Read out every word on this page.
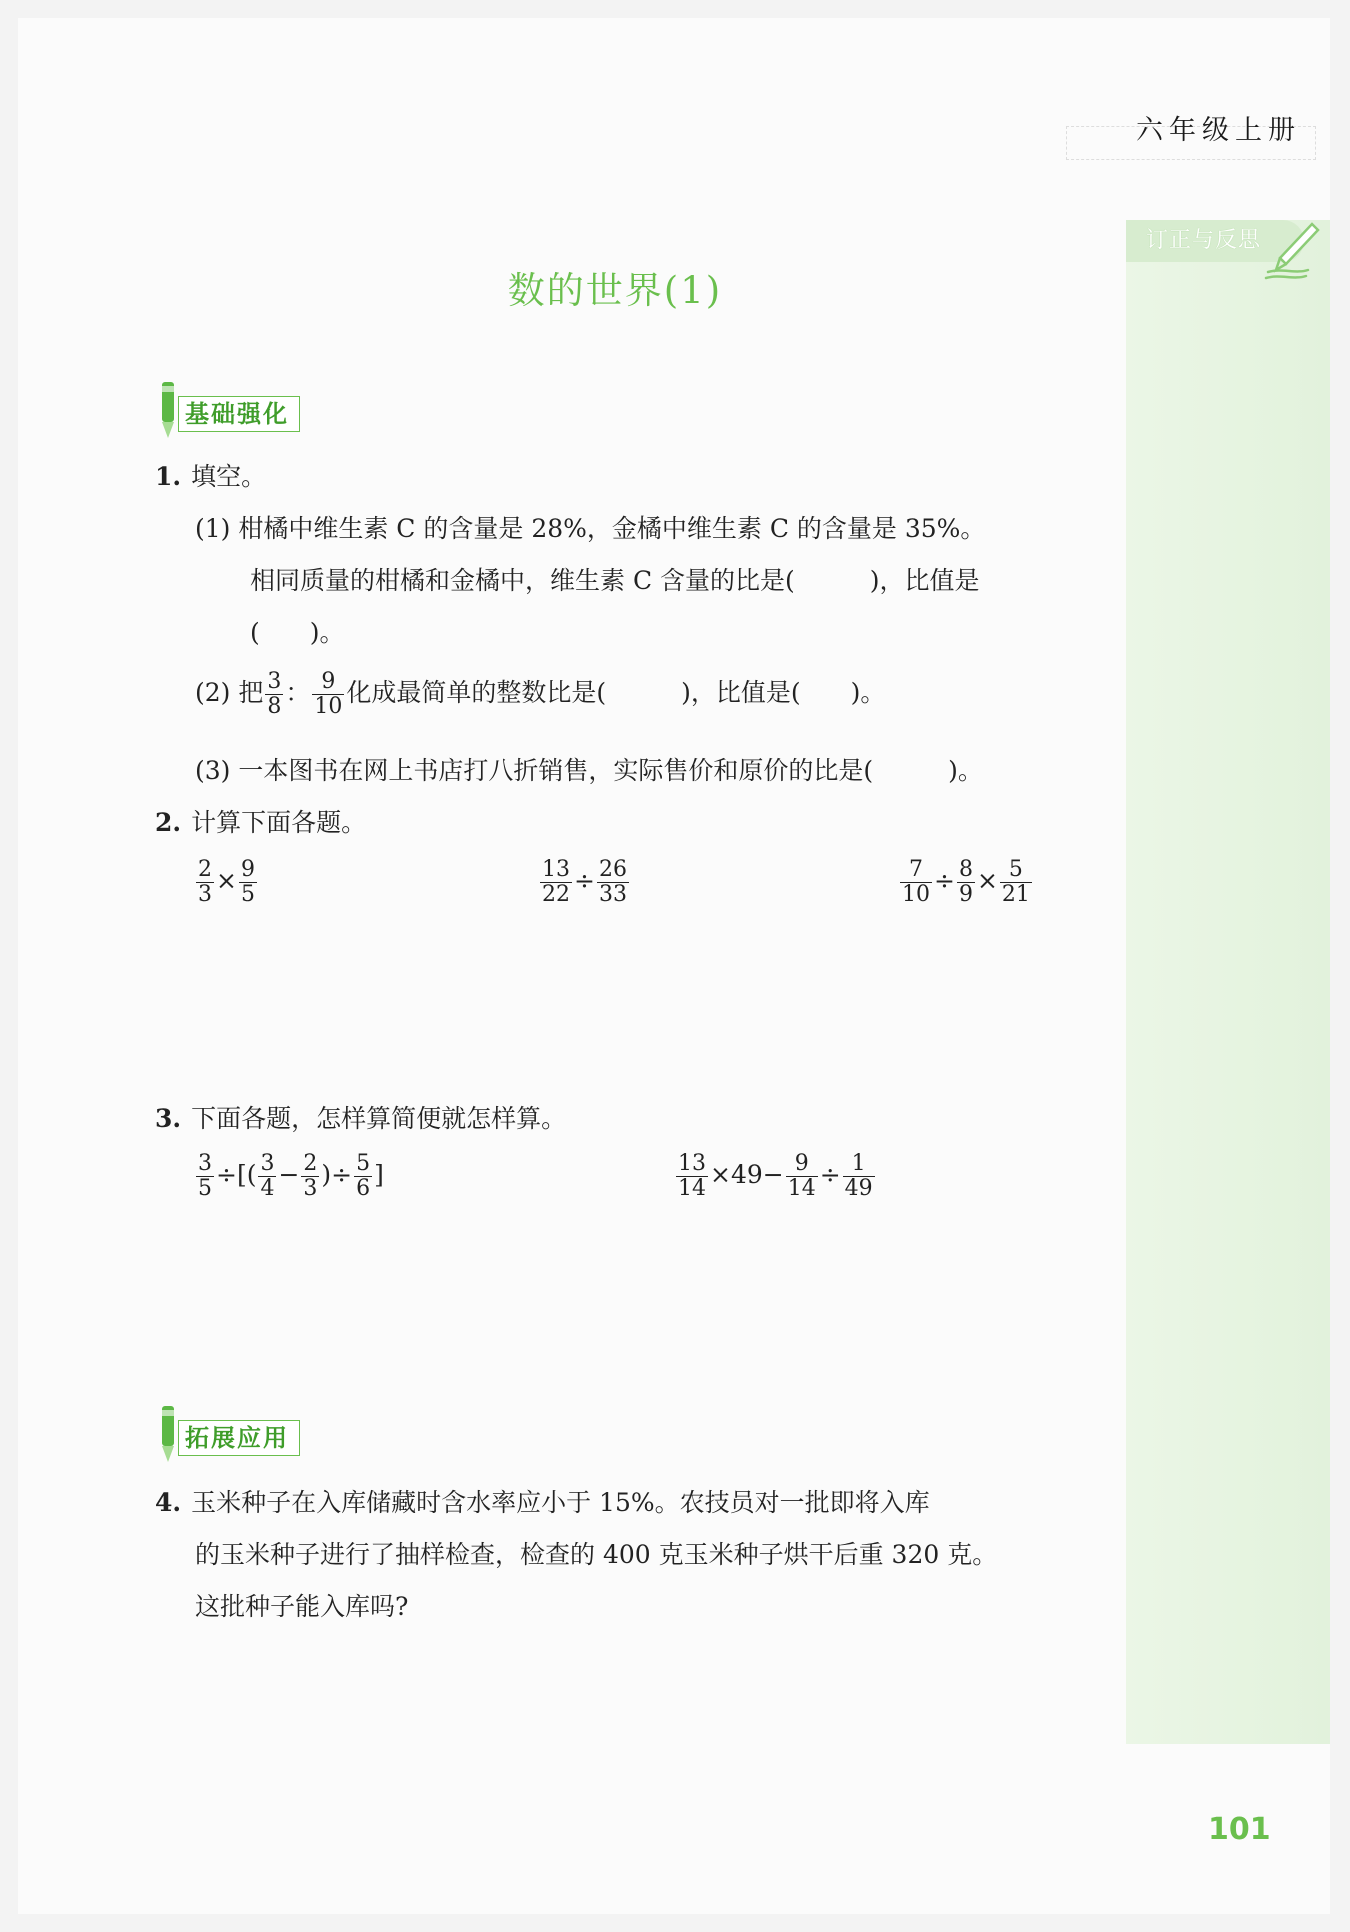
六年级上册
订正与反思
数的世界(1)
基础强化
1. 填空。
(1) 柑橘中维生素 C 的含量是 28%，金橘中维生素 C 的含量是 35%。
相同质量的柑橘和金橘中，维生素 C 含量的比是(　　　)，比值是
(　　)。
(2) 把 $\frac{3}{8}$ ： $\frac{9}{10}$ 化成最简单的整数比是(　　　)，比值是(　　)。
(3) 一本图书在网上书店打八折销售，实际售价和原价的比是(　　　)。
2. 计算下面各题。
$\frac{2}{3} \times \frac{9}{5}$	$\frac{13}{22} \div \frac{26}{33}$	$\frac{7}{10} \div \frac{8}{9} \times \frac{5}{21}$
3. 下面各题，怎样算简便就怎样算。
$\frac{3}{5}$ ÷[( $\frac{3}{4} - \frac{2}{3}$ )÷ $\frac{5}{6}$ ]	$\frac{13}{14} \times 49- \frac{9}{14} \div \frac{1}{49}$
拓展应用
4. 玉米种子在入库储藏时含水率应小于 15%。农技员对一批即将入库
的玉米种子进行了抽样检查，检查的 400 克玉米种子烘干后重 320 克。
这批种子能入库吗?
101
